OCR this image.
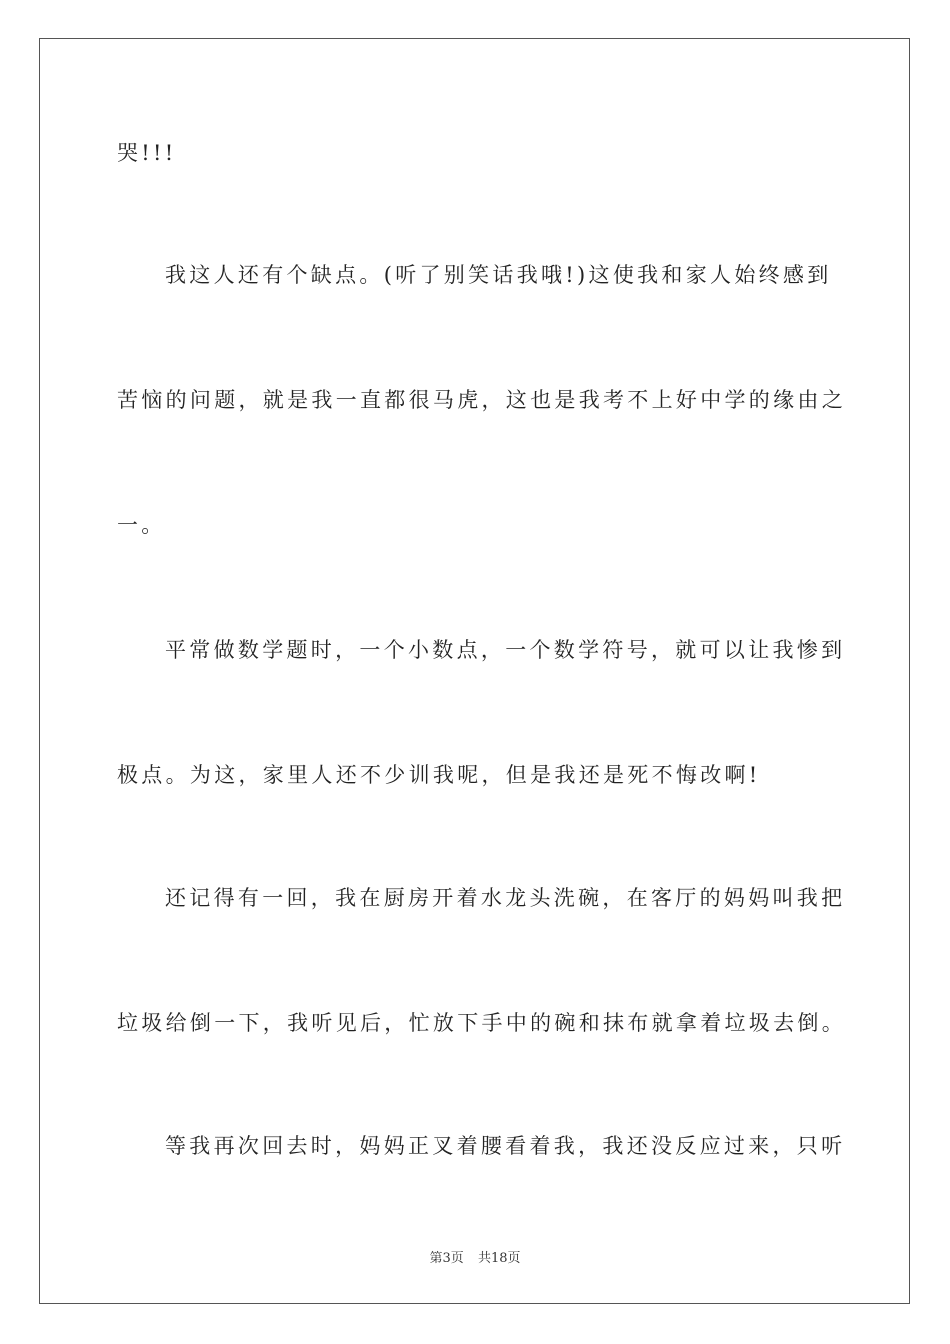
哭!!!
我这人还有个缺点。(听了别笑话我哦!)这使我和家人始终感到
苦恼的问题，就是我一直都很马虎，这也是我考不上好中学的缘由之
一。
平常做数学题时，一个小数点，一个数学符号，就可以让我惨到
极点。为这，家里人还不少训我呢，但是我还是死不悔改啊!
还记得有一回，我在厨房开着水龙头洗碗，在客厅的妈妈叫我把
垃圾给倒一下，我听见后，忙放下手中的碗和抹布就拿着垃圾去倒。
等我再次回去时，妈妈正叉着腰看着我，我还没反应过来，只听
第3页 共18页
